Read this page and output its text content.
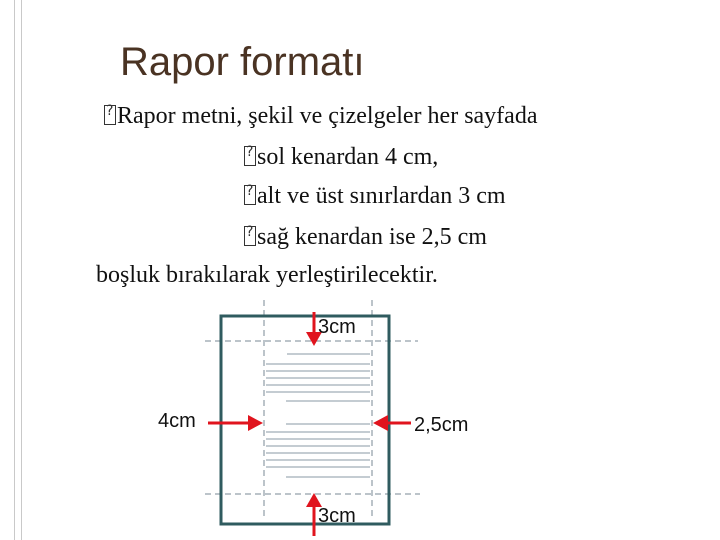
Rapor formatı
?Rapor metni, şekil ve çizelgeler her sayfada
?sol kenardan 4 cm,
?alt ve üst sınırlardan 3 cm
?sağ kenardan ise 2,5 cm
boşluk bırakılarak yerleştirilecektir.
3cm
4cm	2,5cm
3cm
